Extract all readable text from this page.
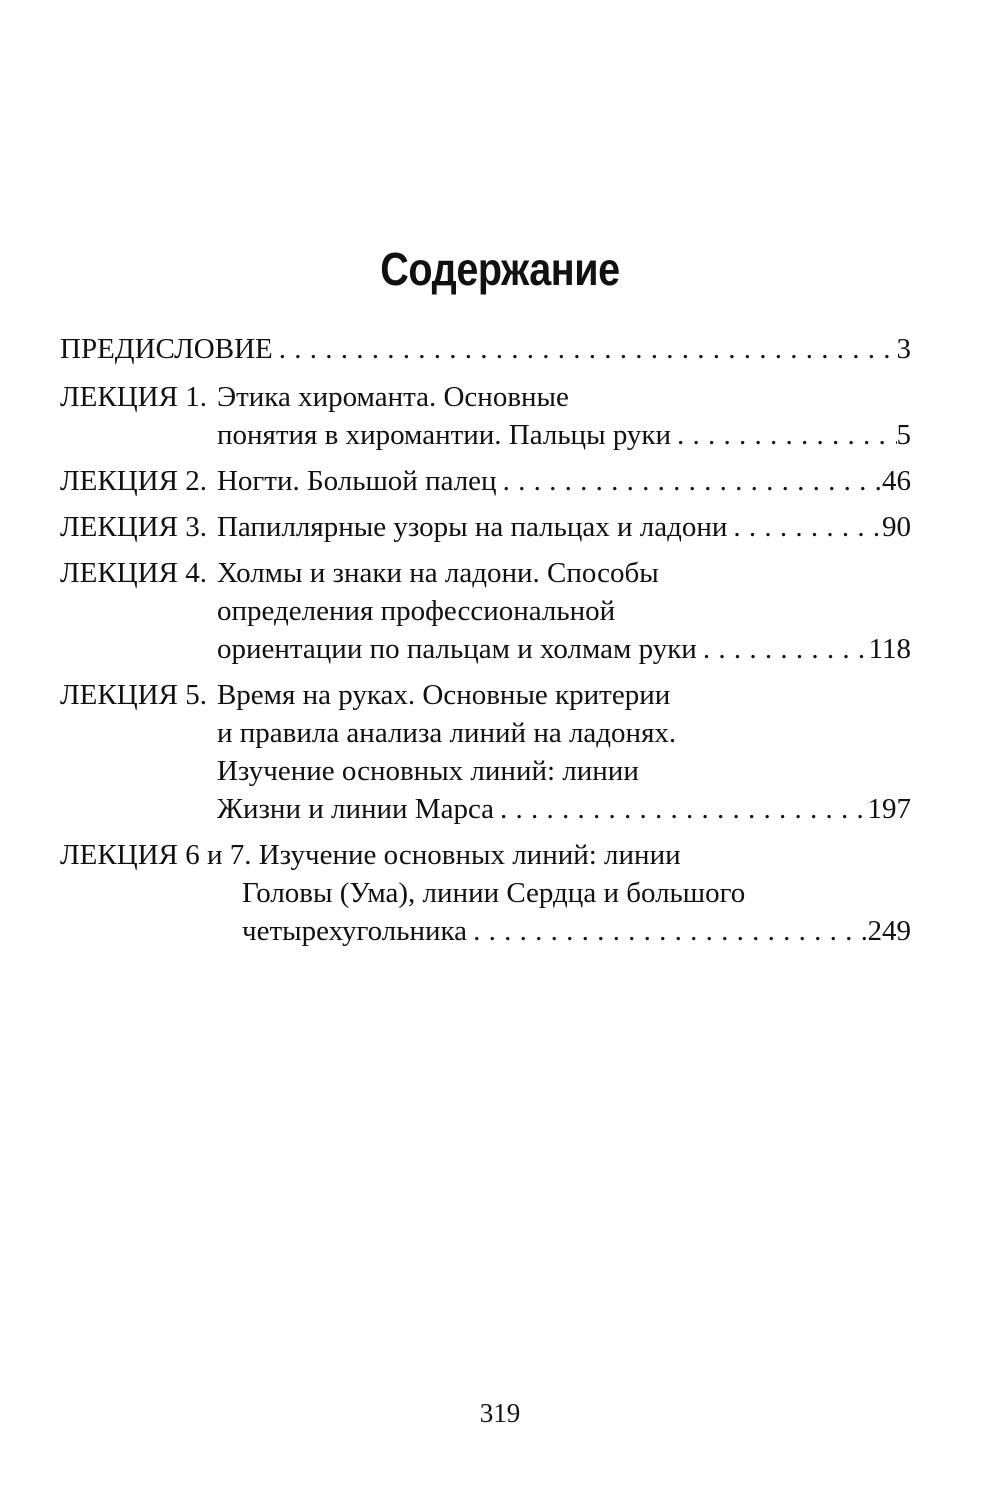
Содержание
ПРЕДИСЛОВИЕ . . .	3
ЛЕКЦИЯ 1. Этика хироманта. Основные
понятия в хиромантии. Пальцы руки . . .	5
ЛЕКЦИЯ 2. Ногти. Большой палец . . .	46
ЛЕКЦИЯ 3. Папиллярные узоры на пальцах и ладони . . .	90
ЛЕКЦИЯ 4. Холмы и знаки на ладони. Способы
определения профессиональной
ориентации по пальцам и холмам руки . . .	118
ЛЕКЦИЯ 5. Время на руках. Основные критерии
и правила анализа линий на ладонях.
Изучение основных линий: линии
Жизни и линии Марса . . .	197
ЛЕКЦИЯ 6 и 7. Изучение основных линий: линии
Головы (Ума), линии Сердца и большого
четырехугольника . . .	249
319
